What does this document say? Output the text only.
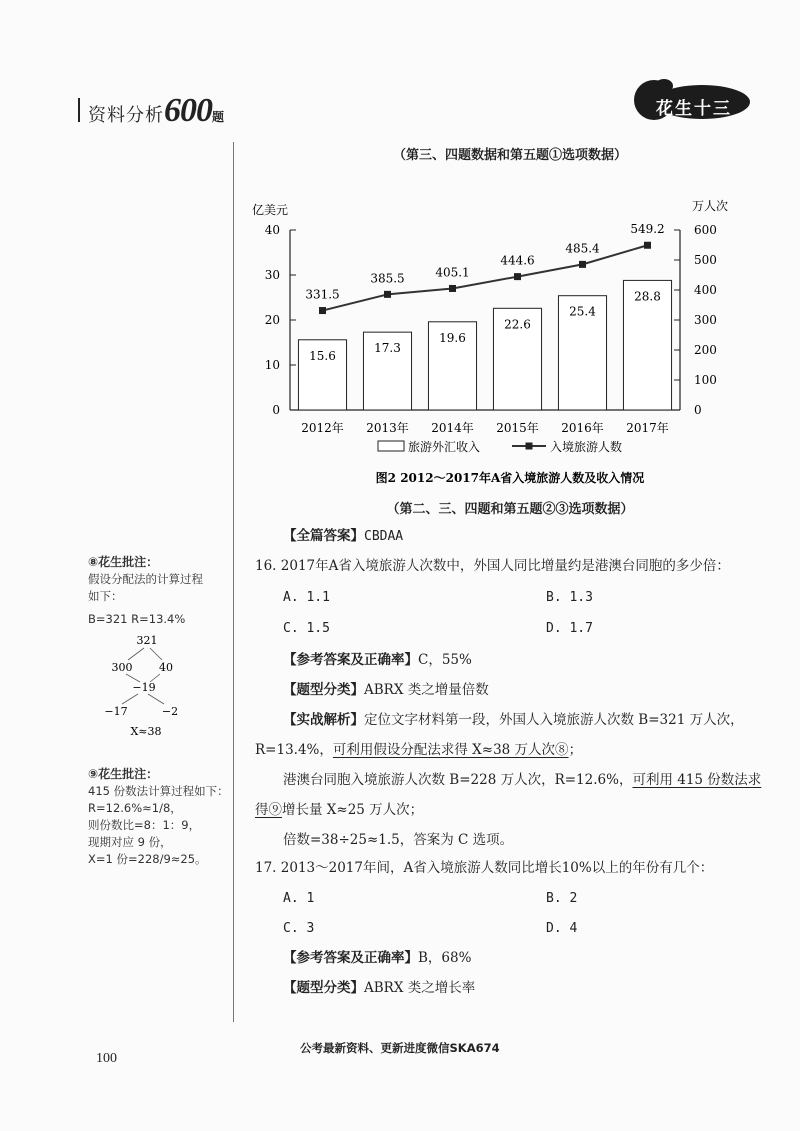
资料分析600题	花生十三
（第三、四题数据和第五题①选项数据）
亿美元	万人次
0
10
20
30
40
0
100
200
300
400
500
600
15.6
2012年
17.3
2013年
19.6
2014年
22.6
2015年
25.4
2016年
28.8
2017年
331.5
385.5	405.1
444.6
485.4
549.2
旅游外汇收入	入境旅游人数
图2 2012～2017年A省入境旅游人数及收入情况
（第二、三、四题和第五题②③选项数据）
【全篇答案】CBDAA
16. 2017年A省入境旅游人次数中，外国人同比增量约是港澳台同胞的多少倍：
A. 1.1	B. 1.3
C. 1.5	D. 1.7
【参考答案及正确率】C，55%
【题型分类】ABRX 类之增量倍数
【实战解析】定位文字材料第一段，外国人入境旅游人次数 B=321 万人次，
R=13.4%，可利用假设分配法求得 X≈38 万人次⑧；
港澳台同胞入境旅游人次数 B=228 万人次，R=12.6%，可利用 415 份数法求
得⑨增长量 X≈25 万人次；
倍数=38÷25≈1.5，答案为 C 选项。
17. 2013～2017年间，A省入境旅游人数同比增长10%以上的年份有几个：
A. 1	B. 2
C. 3	D. 4
【参考答案及正确率】B，68%
【题型分类】ABRX 类之增长率
⑧花生批注：
假设分配法的计算过程
如下：
B=321 R=13.4%
321
300 40
−19
−17	−2
X≈38
⑨花生批注：
415 份数法计算过程如下：
R=12.6%≈1/8，
则份数比=8：1：9，
现期对应 9 份，
X=1 份=228/9≈25。
公考最新资料、更新进度微信SKA674
100
